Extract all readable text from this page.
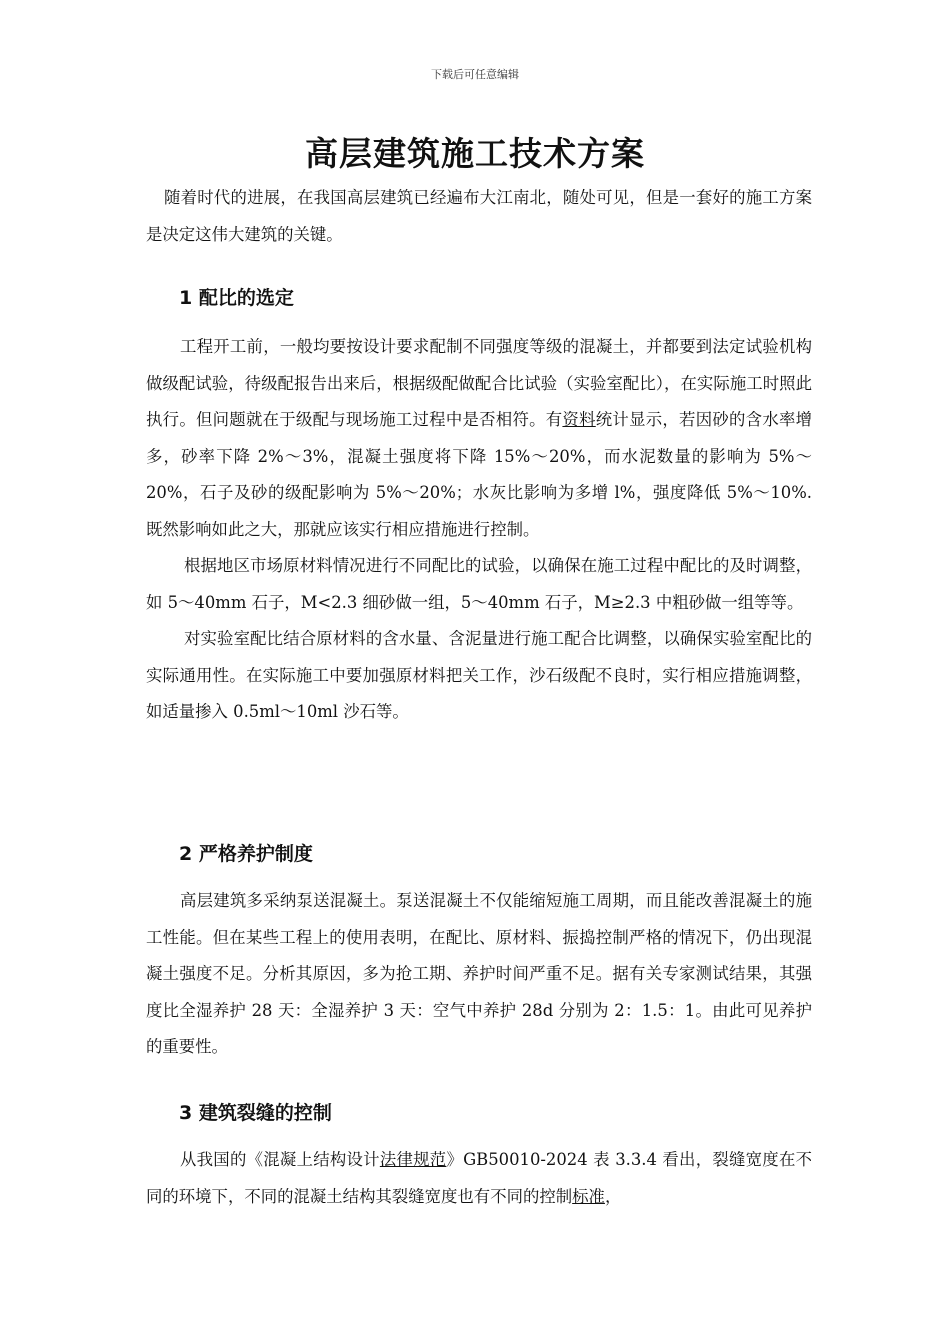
下载后可任意编辑
高层建筑施工技术方案

随着时代的进展，在我国高层建筑已经遍布大江南北，随处可见，但是一套好的施工方案是决定这伟大建筑的关键。

1 配比的选定

工程开工前，一般均要按设计要求配制不同强度等级的混凝土，并都要到法定试验机构做级配试验，待级配报告出来后，根据级配做配合比试验（实验室配比），在实际施工时照此执行。但问题就在于级配与现场施工过程中是否相符。有资料统计显示，若因砂的含水率增多，砂率下降 2%～3%，混凝土强度将下降 15%～20%，而水泥数量的影响为 5%～20%，石子及砂的级配影响为 5%～20%；水灰比影响为多增 l%，强度降低 5%～10%.　 既然影响如此之大，那就应该实行相应措施进行控制。

根据地区市场原材料情况进行不同配比的试验，以确保在施工过程中配比的及时调整，如 5～40mm 石子，M<2.3 细砂做一组，5～40mm 石子，M≥2.3 中粗砂做一组等等。

对实验室配比结合原材料的含水量、含泥量进行施工配合比调整，以确保实验室配比的实际通用性。在实际施工中要加强原材料把关工作，沙石级配不良时，实行相应措施调整，如适量掺入 0.5ml～10ml 沙石等。

2 严格养护制度

高层建筑多采纳泵送混凝土。泵送混凝土不仅能缩短施工周期，而且能改善混凝土的施工性能。但在某些工程上的使用表明，在配比、原材料、振捣控制严格的情况下，仍出现混凝土强度不足。分析其原因，多为抢工期、养护时间严重不足。据有关专家测试结果，其强度比全湿养护 28 天：全湿养护 3 天：空气中养护 28d 分别为 2：1.5：1。由此可见养护的重要性。

3 建筑裂缝的控制

从我国的《混凝上结构设计法律规范》GB50010-2024 表 3.3.4 看出，裂缝宽度在不同的环境下，不同的混凝土结构其裂缝宽度也有不同的控制标准，
